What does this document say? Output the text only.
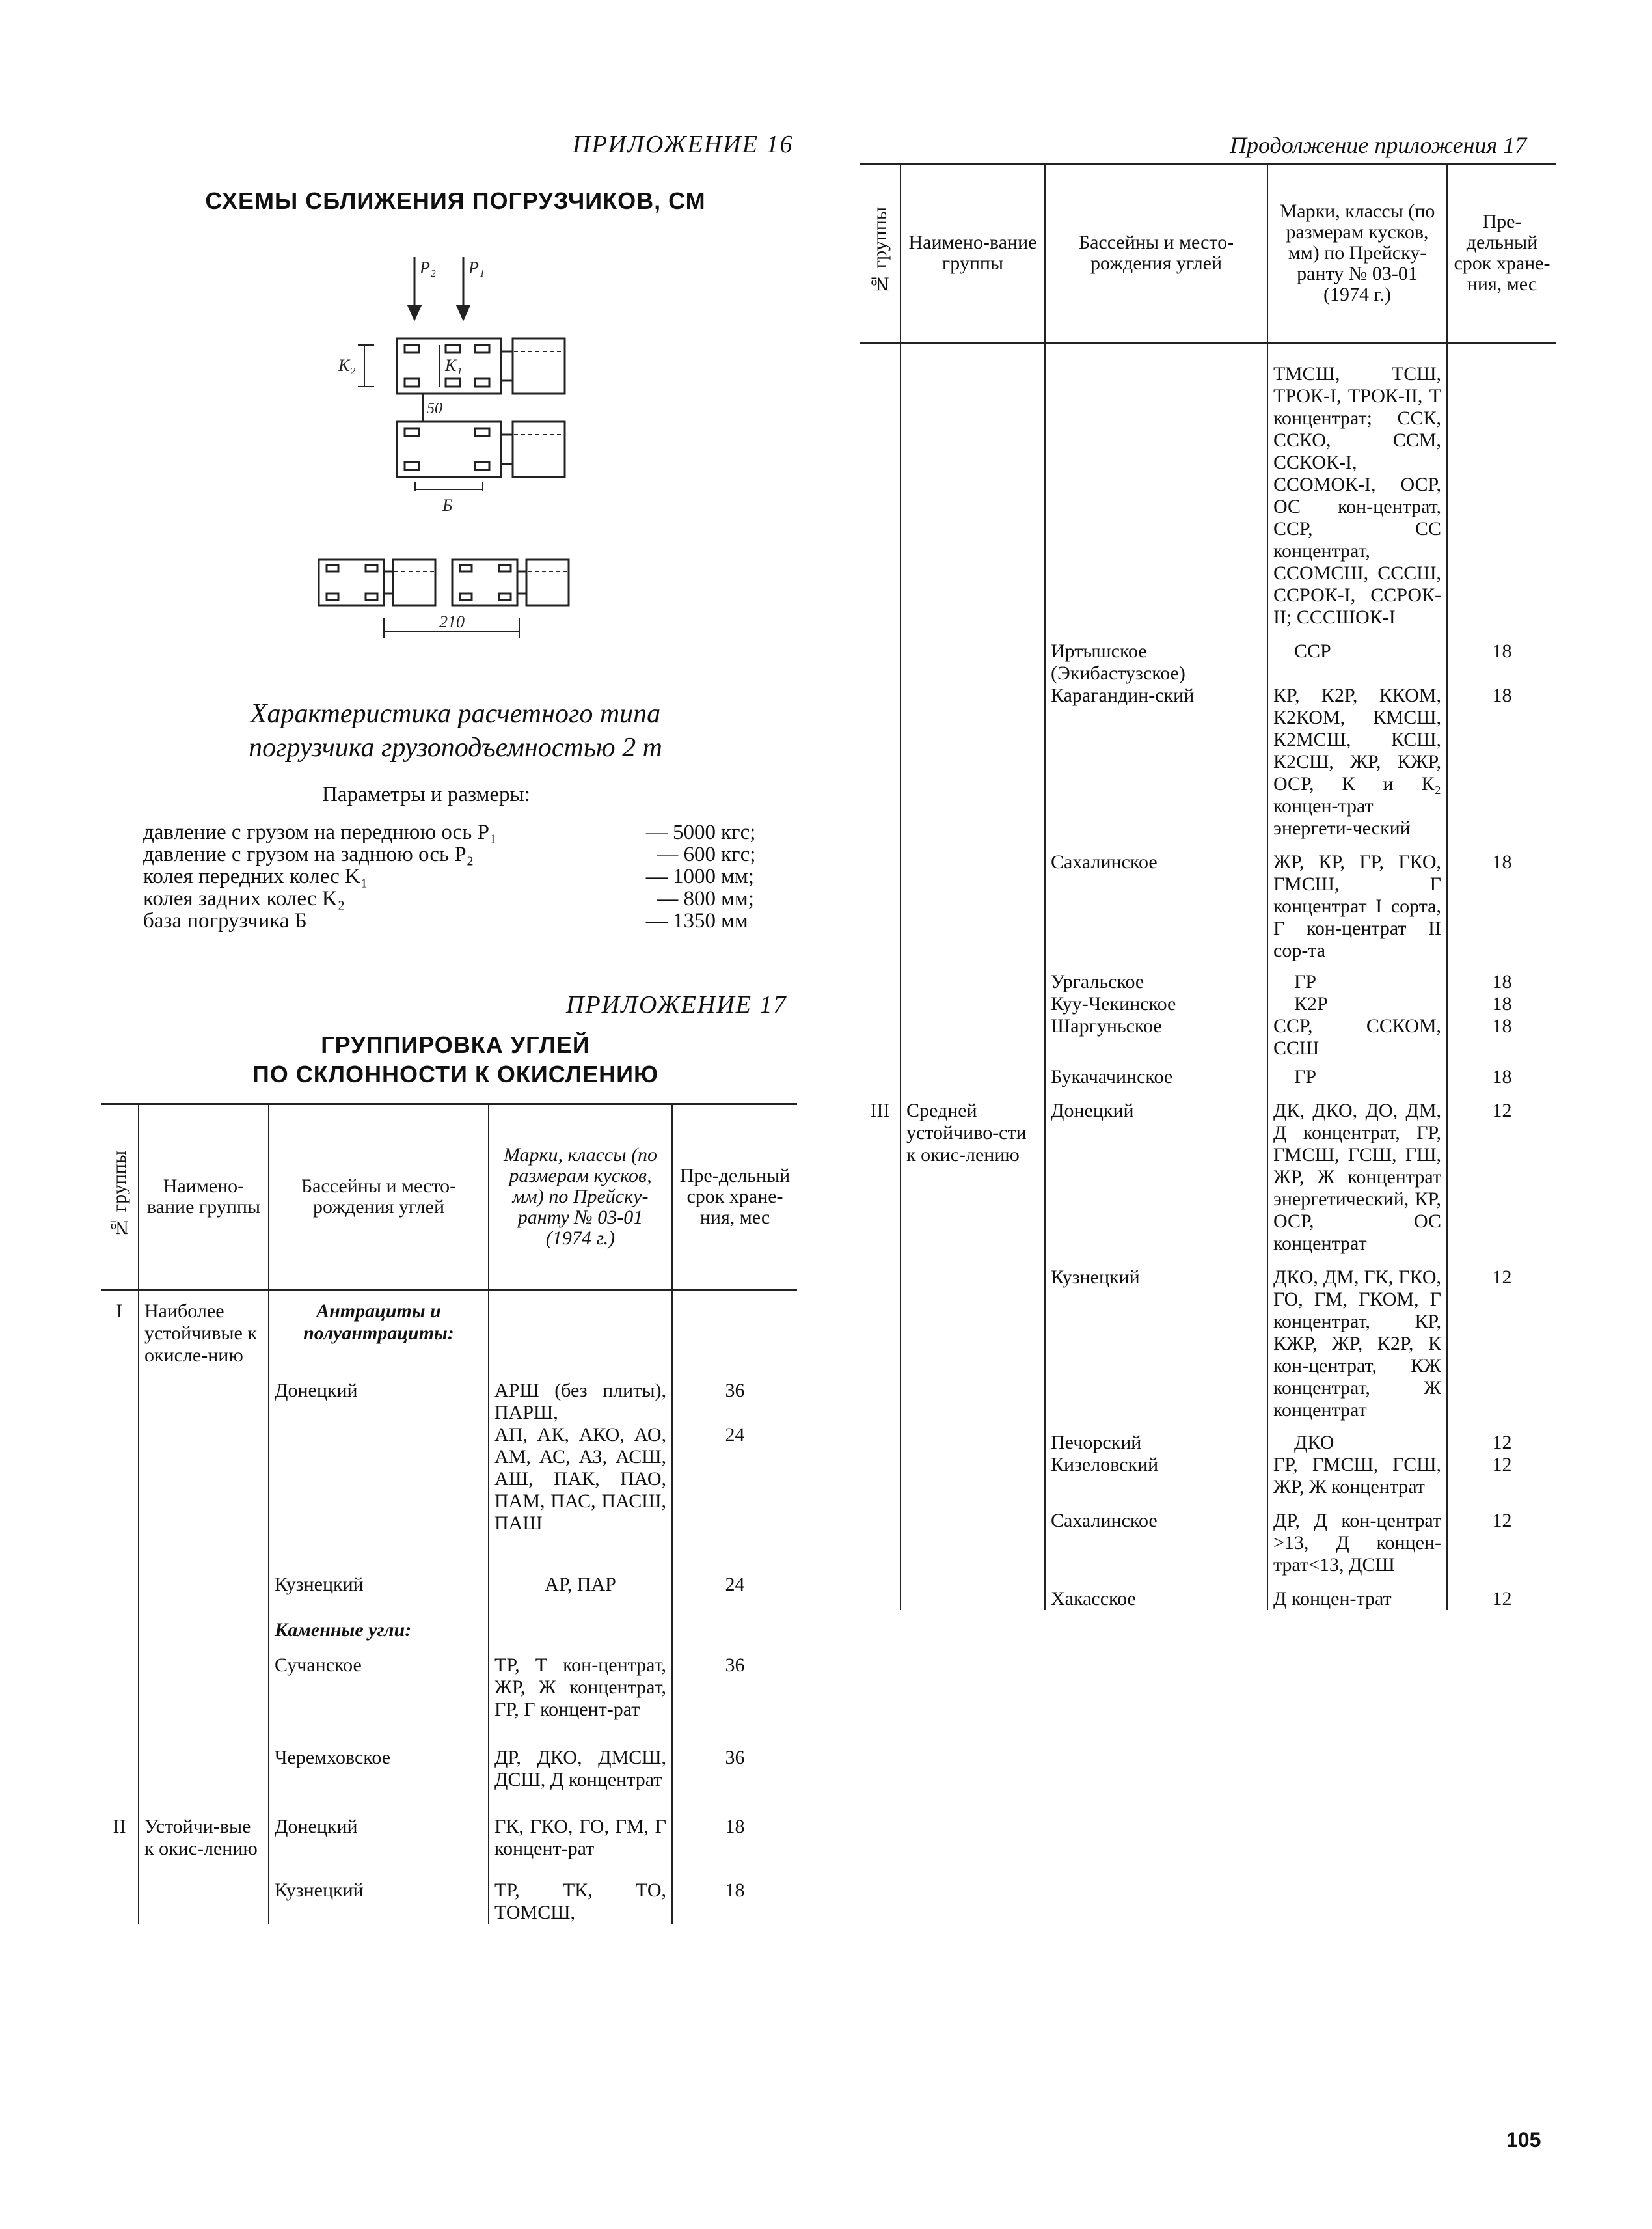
ПРИЛОЖЕНИЕ 16
СХЕМЫ СБЛИЖЕНИЯ ПОГРУЗЧИКОВ, СМ
P₂ P₁
K₂	K₁
50
Б
210
Характеристика расчетного типа
погрузчика грузоподъемностью 2 т
Параметры и размеры:
давление с грузом на переднюю ось P₁	— 5000 кгс;
давление с грузом на заднюю ось P₂	— 600 кгс;
колея передних колес K₁	— 1000 мм;
колея задних колес K₂	— 800 мм;
база погрузчика Б	— 1350 мм
ПРИЛОЖЕНИЕ 17
ГРУППИРОВКА УГЛЕЙ
ПО СКЛОННОСТИ К ОКИСЛЕНИЮ
№ группы	Наимено-вание группы	Бассейны и место-рождения углей	Марки, классы (по размерам кусков, мм) по Прейску-ранту № 03-01 (1974 г.)	Пре-дельный срок хране-ния, мес
I	Наиболее устойчивые к окисле-нию	Антрациты и полуантрациты:		
		Донецкий	АРШ (без плиты), ПАРШ,	36
			АП, АК, АКО, АО, АМ, АС, АЗ, АСШ, АШ, ПАК, ПАО, ПАМ, ПАС, ПАСШ, ПАШ	24
		Кузнецкий	АР, ПАР	24
		Каменные угли:		
		Сучанское	ТР, Т кон-центрат, ЖР, Ж концентрат, ГР, Г концент-рат	36
		Черемховское	ДР, ДКО, ДМСШ, ДСШ, Д концентрат	36
II	Устойчи-вые к окис-лению	Донецкий	ГК, ГКО, ГО, ГМ, Г концент-рат	18
		Кузнецкий	ТР, ТК, ТО, ТОМСШ,	18
Продолжение приложения 17
№ группы	Наимено-вание группы	Бассейны и место-рождения углей	Марки, классы (по размерам кусков, мм) по Прейску-ранту № 03-01 (1974 г.)	Пре-дельный срок хране-ния, мес
			ТМСШ, ТСШ, ТРОК-I, ТРОК-II, Т концентрат; ССК, ССКО, ССМ, ССКОК-I, ССОМОК-I, ОСР, ОС кон-центрат, ССР, СС концентрат, ССОМСШ, СССШ, ССРОК-I, ССРОК-II; СССШОК-I	
		Иртышское (Экибастузское)	ССР	18
		Карагандин-ский	КР, К2Р, ККОМ, К2КОМ, КМСШ, К2МСШ, КСШ, К2СШ, ЖР, КЖР, ОСР, К и К₂ концен-трат энергети-ческий	18
		Сахалинское	ЖР, КР, ГР, ГКО, ГМСШ, Г концентрат I сорта, Г кон-центрат II сор-та	18
		Ургальское	ГР	18
		Куу-Чекинское	К2Р	18
		Шаргуньское	ССР, ССКОМ, ССШ	18
		Букачачинское	ГР	18
III	Средней устойчиво-сти к окис-лению	Донецкий	ДК, ДКО, ДО, ДМ, Д концентрат, ГР, ГМСШ, ГСШ, ГШ, ЖР, Ж концентрат энергетический, КР, ОСР, ОС концентрат	12
		Кузнецкий	ДКО, ДМ, ГК, ГКО, ГО, ГМ, ГКОМ, Г концентрат, КР, КЖР, ЖР, К2Р, К кон-центрат, КЖ концентрат, Ж концентрат	12
		Печорский	ДКО	12
		Кизеловский	ГР, ГМСШ, ГСШ, ЖР, Ж концентрат	12
		Сахалинское	ДР, Д кон-центрат >13, Д концен-трат<13, ДСШ	12
		Хакасское	Д концен-трат	12
105
